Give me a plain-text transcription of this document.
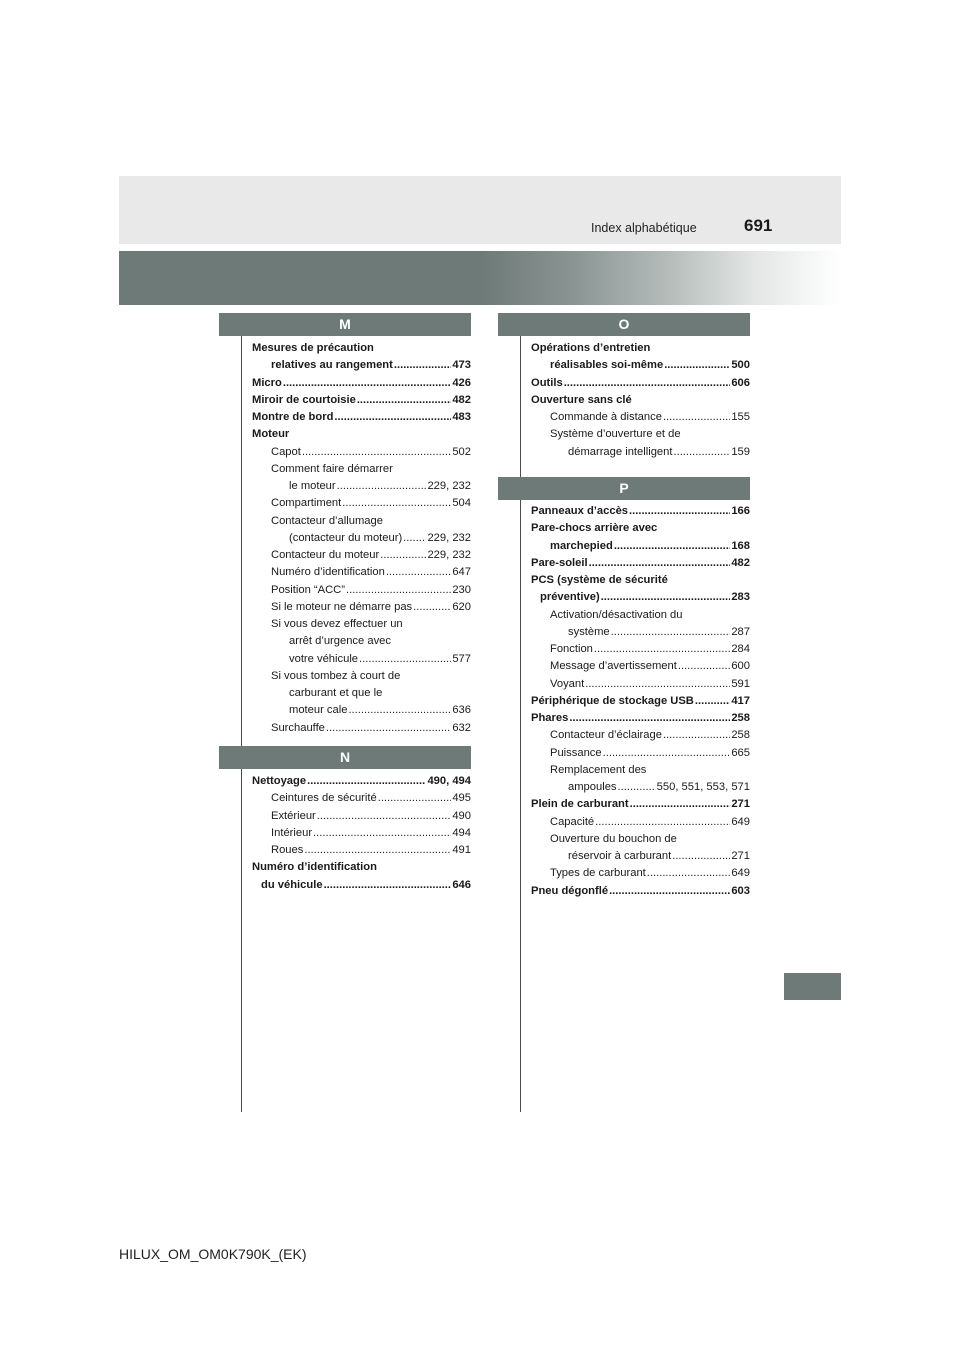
691
Index alphabétique
M
Mesures de précaution
relatives au rangement .....	473
Micro .....	426
Miroir de courtoisie .....	482
Montre de bord .....	483
Moteur
Capot .....	502
Comment faire démarrer
le moteur .....	229, 232
Compartiment .....	504
Contacteur d’allumage
(contacteur du moteur) ..... 229, 232
Contacteur du moteur .....	229, 232
Numéro d’identification .....	647
Position “ACC” .....	230
Si le moteur ne démarre pas .....	620
Si vous devez effectuer un
arrêt d’urgence avec
votre véhicule .....	577
Si vous tombez à court de
carburant et que le
moteur cale .....	636
Surchauffe .....	632
N
Nettoyage .....	490, 494
Ceintures de sécurité .....	495
Extérieur .....	490
Intérieur .....	494
Roues .....	491
Numéro d’identification
du véhicule .....	646
O
Opérations d’entretien
réalisables soi-même .....	500
Outils .....	606
Ouverture sans clé
Commande à distance .....	155
Système d’ouverture et de
démarrage intelligent .....	159
P
Panneaux d’accès .....	166
Pare-chocs arrière avec
marchepied .....	168
Pare-soleil .....	482
PCS (système de sécurité
préventive) .....	283
Activation/désactivation du
système .....	287
Fonction .....	284
Message d’avertissement .....	600
Voyant .....	591
Périphérique de stockage USB .....	417
Phares .....	258
Contacteur d’éclairage .....	258
Puissance .....	665
Remplacement des
ampoules .....	550, 551, 553, 571
Plein de carburant .....	271
Capacité .....	649
Ouverture du bouchon de
réservoir à carburant .....	271
Types de carburant .....	649
Pneu dégonflé .....	603
HILUX_OM_OM0K790K_(EK)
